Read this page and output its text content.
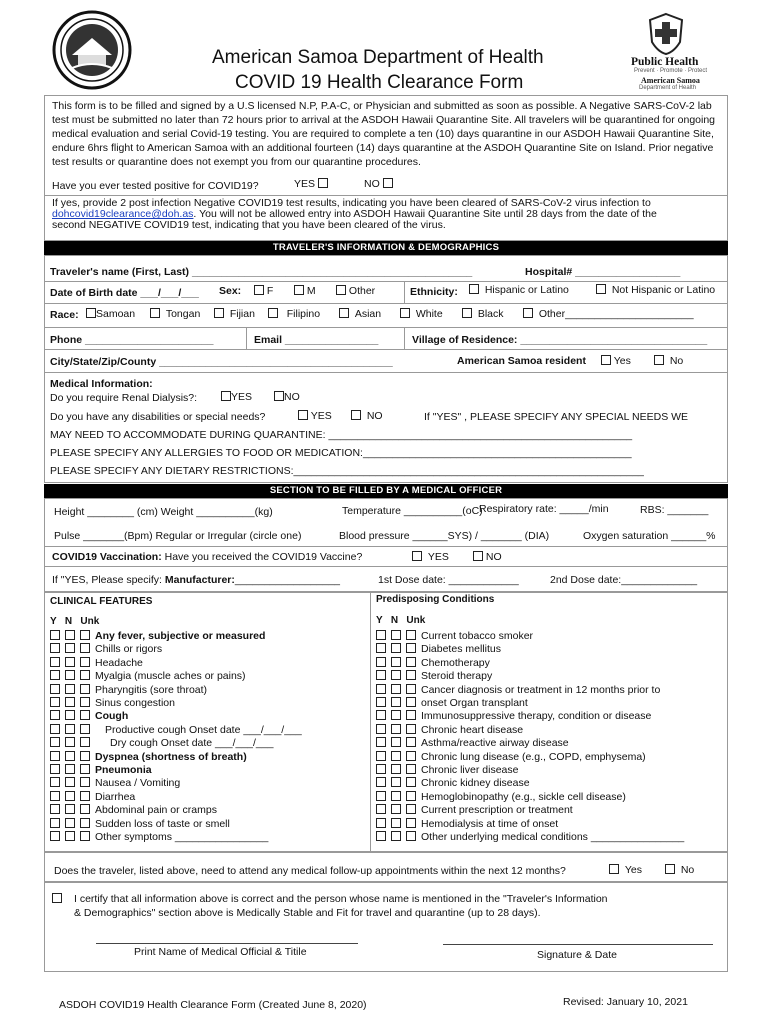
American Samoa Department of Health
COVID 19 Health Clearance Form
Public Health
Prevent · Promote · Protect
American Samoa
Department of Health
This form is to be filled and signed by a U.S licensed N.P, P.A-C, or Physician and submitted as soon as possible. A Negative SARS-CoV-2 lab test must be submitted no later than 72 hours prior to arrival at the ASDOH Hawaii Quarantine Site. All travelers will be quarantined for ongoing medical evaluation and serial Covid-19 testing. You are required to complete a ten (10) days quarantine in our ASDOH Hawaii Quarantine Site, endure 6hrs flight to American Samoa with an additional fourteen (14) days quarantine at the ASDOH Quarantine Site on Island. Prior negative test results or quarantine does not exempt you from our quarantine procedures.
Have you ever tested positive for COVID19?	YES	NO
If yes, provide 2 post infection Negative COVID19 test results, indicating you have been cleared of SARS-CoV-2 virus infection to
dohcovid19clearance@doh.as. You will not be allowed entry into ASDOH Hawaii Quarantine Site until 28 days from the date of the
second NEGATIVE COVID19 test, indicating that you have been cleared of the virus.
TRAVELER'S INFORMATION & DEMOGRAPHICS
Traveler's name (First, Last) ________________________________________________	Hospital# __________________
Date of Birth date ___/___/___ Sex:	F	M	Other	Ethnicity:	Hispanic or Latino	Not Hispanic or Latino
Race:	Samoan	Tongan	Fijian	Filipino	Asian	White	Black	Other______________________
Phone ______________________	Email ________________	Village of Residence: ________________________________
City/State/Zip/County ________________________________________	American Samoa resident	Yes	No
Medical Information:
Do you require Renal Dialysis?:	YES	NO
Do you have any disabilities or special needs?	YES	NO	If "YES" , PLEASE SPECIFY ANY SPECIAL NEEDS WE
MAY NEED TO ACCOMMODATE DURING QUARANTINE: ____________________________________________________
PLEASE SPECIFY ANY ALLERGIES TO FOOD OR MEDICATION:______________________________________________
PLEASE SPECIFY ANY DIETARY RESTRICTIONS:____________________________________________________________
SECTION TO BE FILLED BY A MEDICAL OFFICER
Height ________ (cm) Weight __________(kg)	Temperature __________(oC)
Respiratory rate: _____/min	RBS: _______
Pulse _______(Bpm) Regular or Irregular (circle one)	Blood pressure ______SYS) / _______ (DIA)	Oxygen saturation ______%
COVID19 Vaccination: Have you received the COVID19 Vaccine?	YES	NO
If "YES, Please specify: Manufacturer:__________________	1st Dose date: ____________	2nd Dose date:_____________
CLINICAL FEATURES
Y   N   Unk
Any fever, subjective or measured
Chills or rigors
Headache
Myalgia (muscle aches or pains)
Pharyngitis (sore throat)
Sinus congestion
Cough
Productive cough Onset date ___/___/___
Dry cough Onset date ___/___/___
Dyspnea (shortness of breath)
Pneumonia
Nausea / Vomiting
Diarrhea
Abdominal pain or cramps
Sudden loss of taste or smell
Other symptoms ________________
Predisposing Conditions
Y   N   Unk
Current tobacco smoker
Diabetes mellitus
Chemotherapy
Steroid therapy
Cancer diagnosis or treatment in 12 months prior to
onset Organ transplant
Immunosuppressive therapy, condition or disease
Chronic heart disease
Asthma/reactive airway disease
Chronic lung disease (e.g., COPD, emphysema)
Chronic liver disease
Chronic kidney disease
Hemoglobinopathy (e.g., sickle cell disease)
Current prescription or treatment
Hemodialysis at time of onset
Other underlying medical conditions ________________
Does the traveler, listed above, need to attend any medical follow-up appointments within the next 12 months?	Yes	No
I certify that all information above is correct and the person whose name is mentioned in the "Traveler's Information
& Demographics" section above is Medically Stable and Fit for travel and quarantine (up to 28 days).
Print Name of Medical Official & Titile	Signature & Date
ASDOH COVID19 Health Clearance Form (Created June 8, 2020)	Revised: January 10, 2021
